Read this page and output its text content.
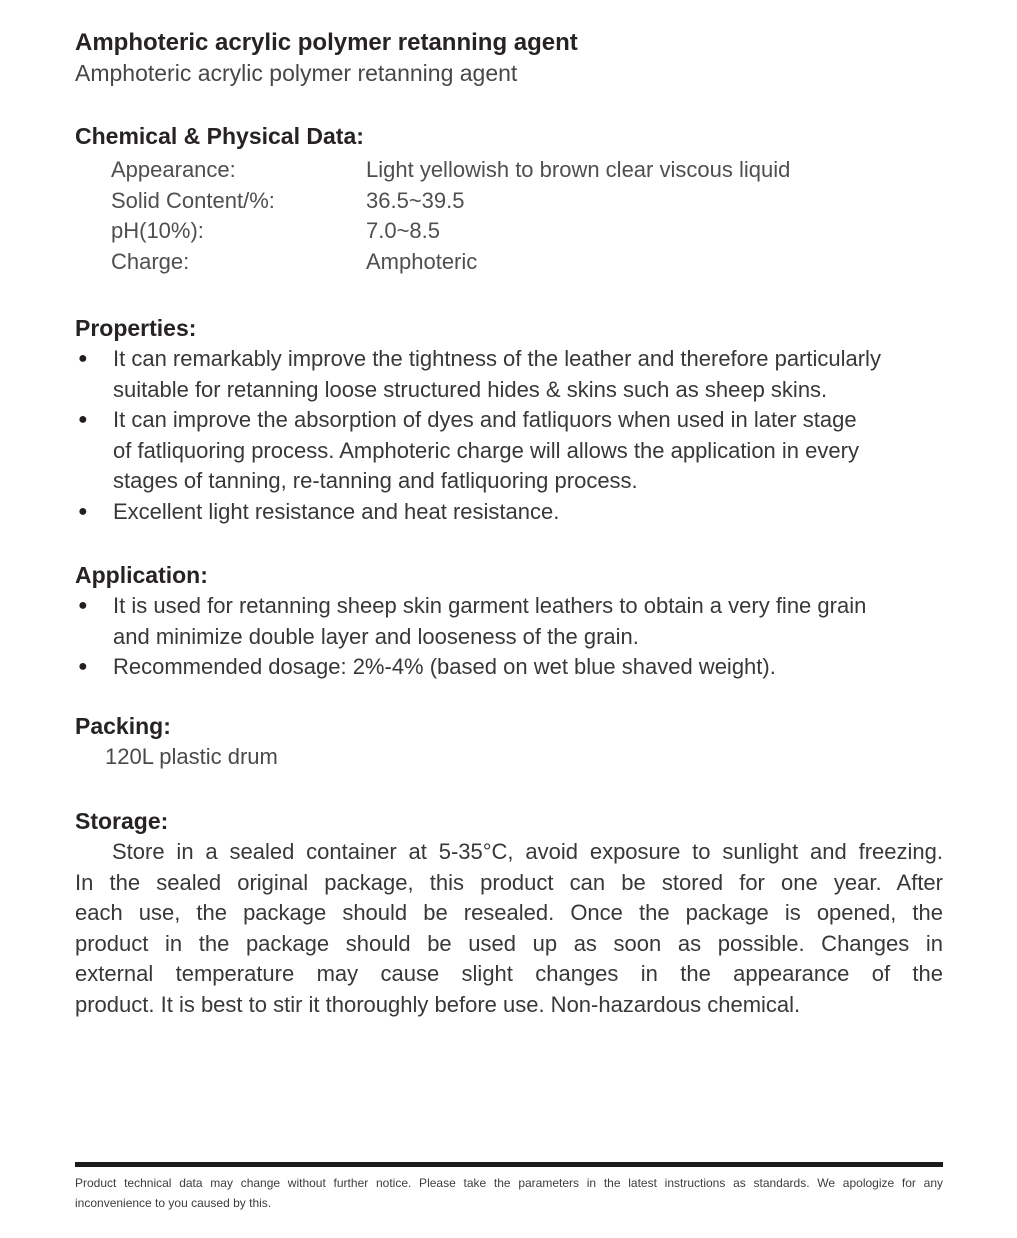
Amphoteric acrylic polymer retanning agent
Amphoteric acrylic polymer retanning agent
Chemical & Physical Data:
Appearance:	Light yellowish to brown clear viscous liquid
Solid Content/%:	36.5~39.5
pH(10%):	7.0~8.5
Charge:	Amphoteric
Properties:
●	It can remarkably improve the tightness of the leather and therefore particularly
suitable for retanning loose structured hides & skins such as sheep skins.
●	It can improve the absorption of dyes and fatliquors when used in later stage
of fatliquoring process. Amphoteric charge will allows the application in every
stages of tanning, re-tanning and fatliquoring process.
●	Excellent light resistance and heat resistance.
Application:
●	It is used for retanning sheep skin garment leathers to obtain a very fine grain
and minimize double layer and looseness of the grain.
●	Recommended dosage: 2%-4% (based on wet blue shaved weight).
Packing:
120L plastic drum
Storage:
Store in a sealed container at 5-35°C, avoid exposure to sunlight and freezing.
In the sealed original package, this product can be stored for one year. After
each use, the package should be resealed. Once the package is opened, the
product in the package should be used up as soon as possible. Changes in
external temperature may cause slight changes in the appearance of the
product. It is best to stir it thoroughly before use. Non-hazardous chemical.
Product technical data may change without further notice. Please take the parameters in the latest instructions as standards. We apologize for any
inconvenience to you caused by this.
